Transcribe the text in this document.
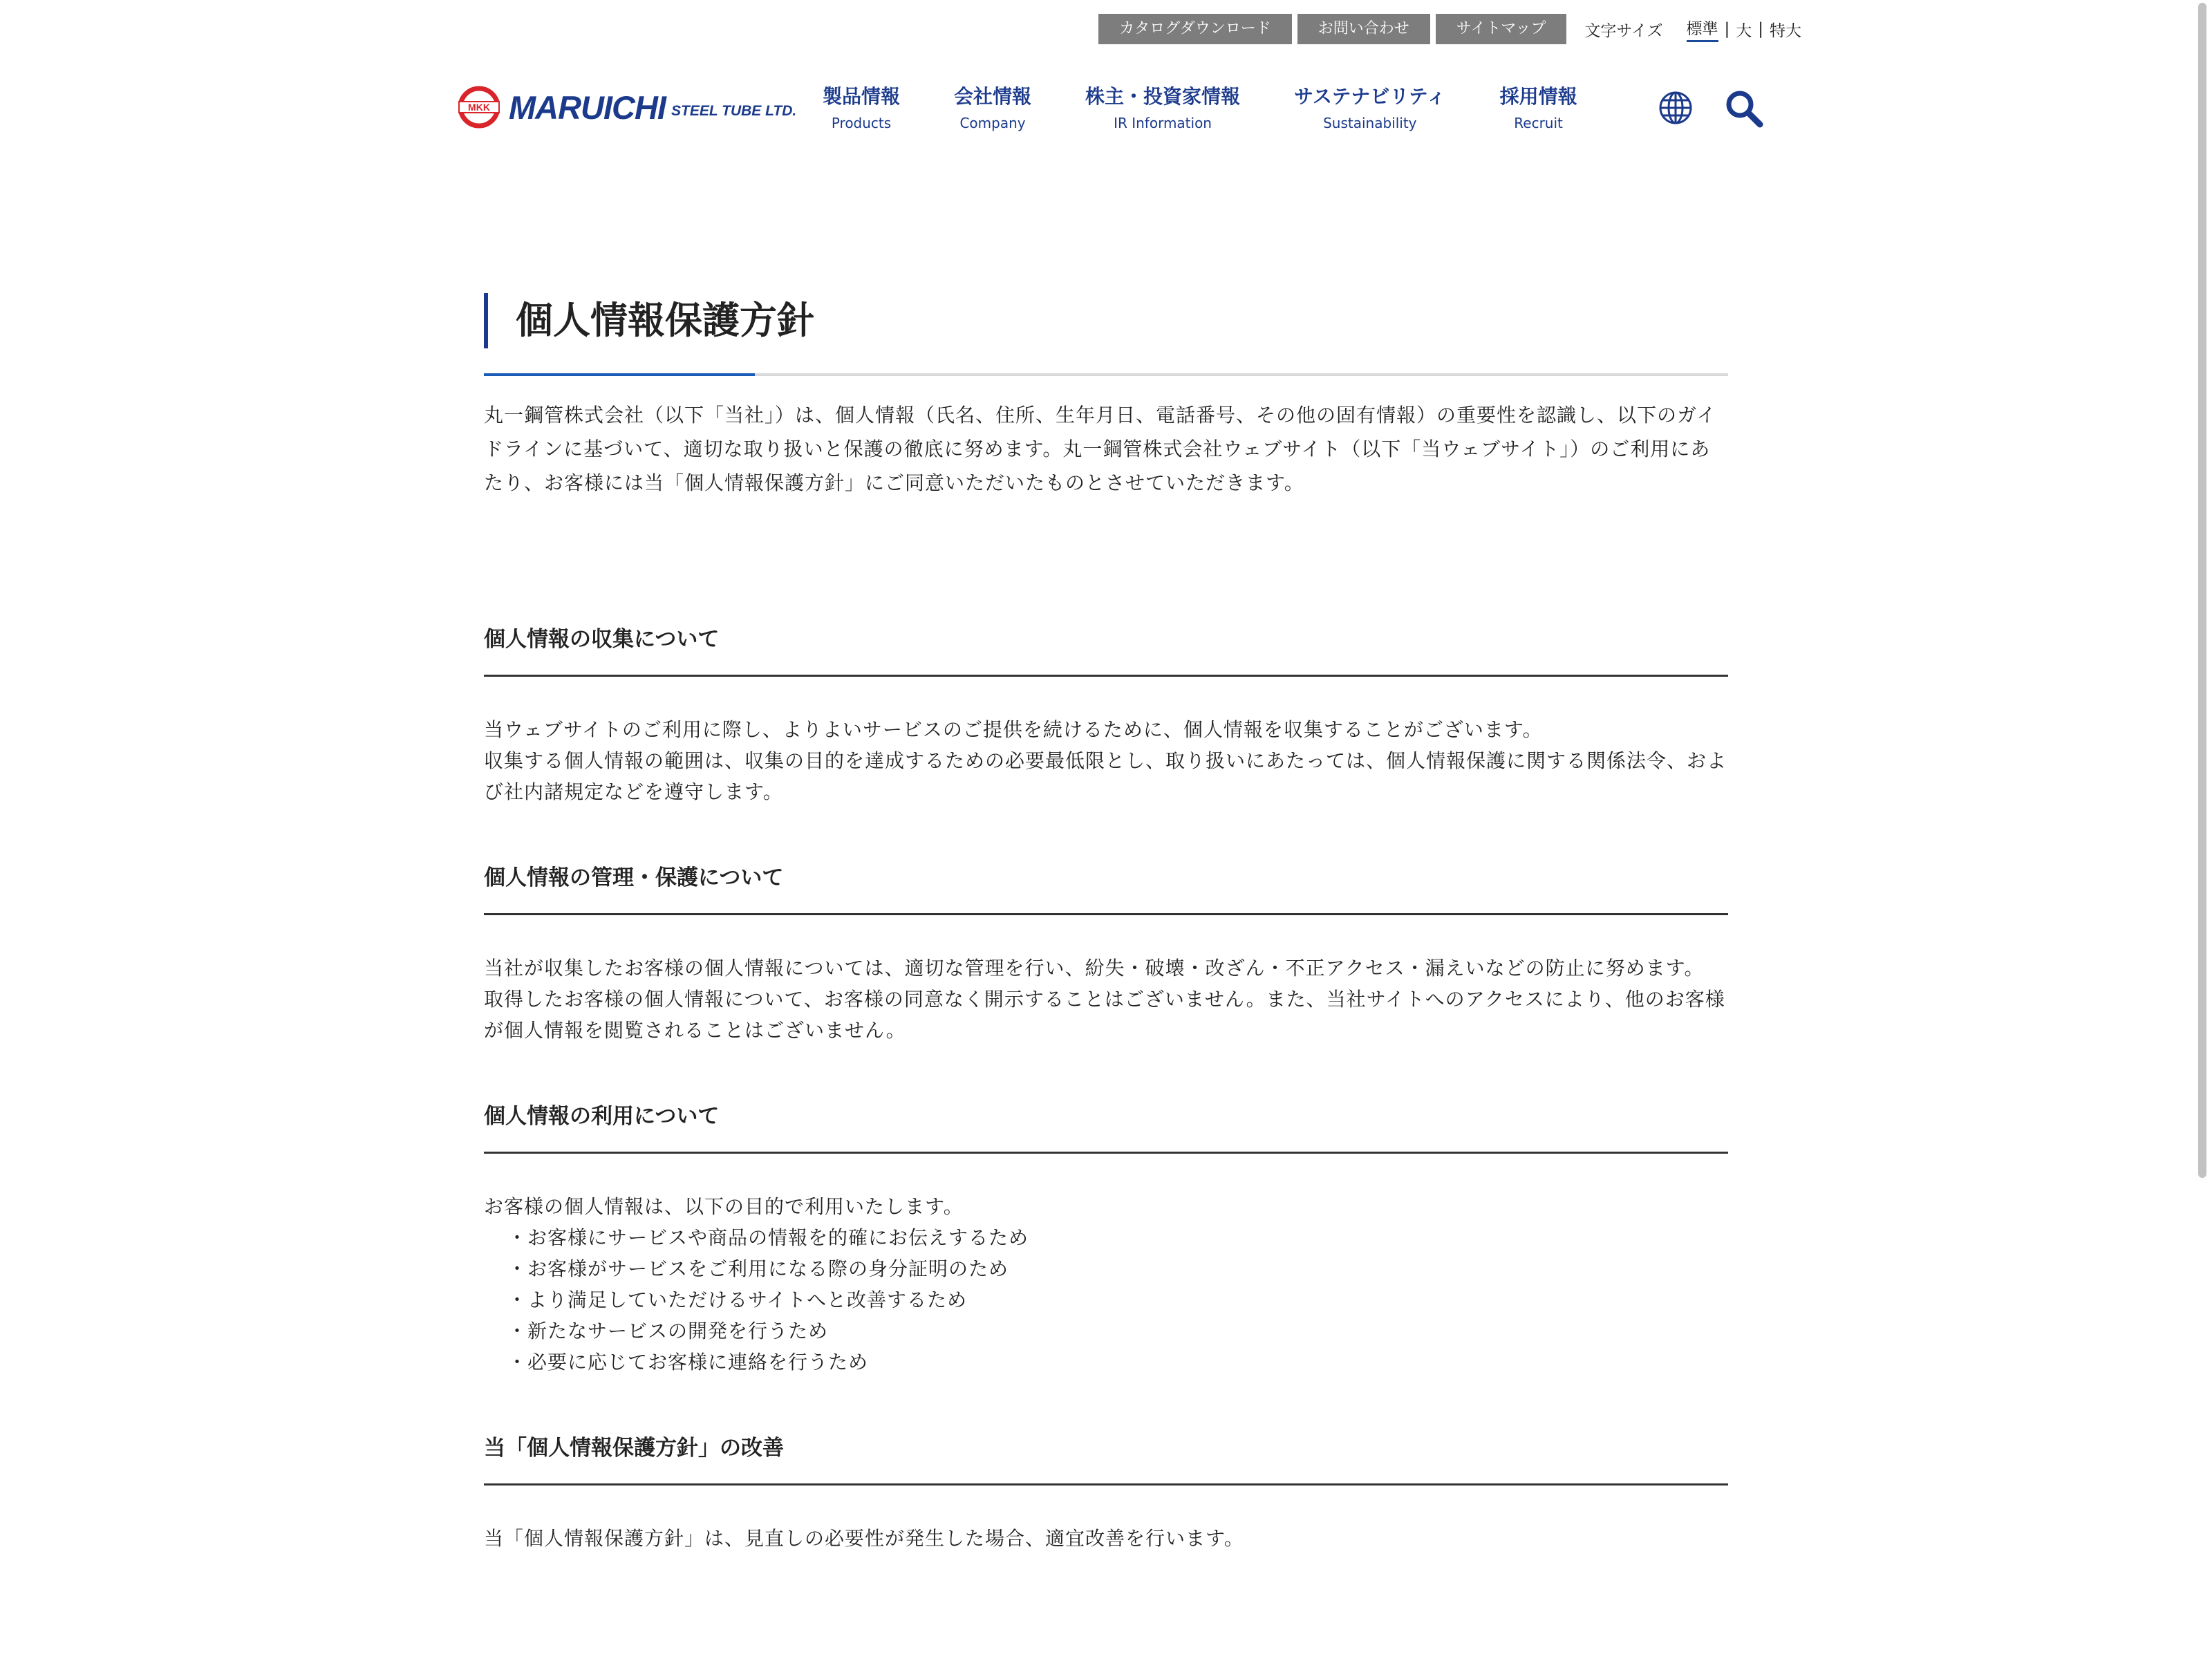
カタログダウンロード	お問い合わせ	サイトマップ	文字サイズ 標準 | 大 | 特大
MKK MARUICHI STEEL TUBE LTD.
製品情報
Products
会社情報
Company
株主・投資家情報
IR Information
サステナビリティ
Sustainability
採用情報
Recruit
個人情報保護方針

丸一鋼管株式会社（以下「当社」）は、個人情報（氏名、住所、生年月日、電話番号、その他の固有情報）の重要性を認識し、以下のガイドラインに基づいて、適切な取り扱いと保護の徹底に努めます。丸一鋼管株式会社ウェブサイト（以下「当ウェブサイト」）のご利用にあたり、お客様には当「個人情報保護方針」にご同意いただいたものとさせていただきます。

個人情報の収集について

当ウェブサイトのご利用に際し、よりよいサービスのご提供を続けるために、個人情報を収集することがございます。

収集する個人情報の範囲は、収集の目的を達成するための必要最低限とし、取り扱いにあたっては、個人情報保護に関する関係法令、および社内諸規定などを遵守します。

個人情報の管理・保護について

当社が収集したお客様の個人情報については、適切な管理を行い、紛失・破壊・改ざん・不正アクセス・漏えいなどの防止に努めます。

取得したお客様の個人情報について、お客様の同意なく開示することはございません。また、当社サイトへのアクセスにより、他のお客様が個人情報を閲覧されることはございません。

個人情報の利用について

お客様の個人情報は、以下の目的で利用いたします。

・お客様にサービスや商品の情報を的確にお伝えするため
・お客様がサービスをご利用になる際の身分証明のため
・より満足していただけるサイトへと改善するため
・新たなサービスの開発を行うため
・必要に応じてお客様に連絡を行うため
当「個人情報保護方針」の改善

当「個人情報保護方針」は、見直しの必要性が発生した場合、適宜改善を行います。
